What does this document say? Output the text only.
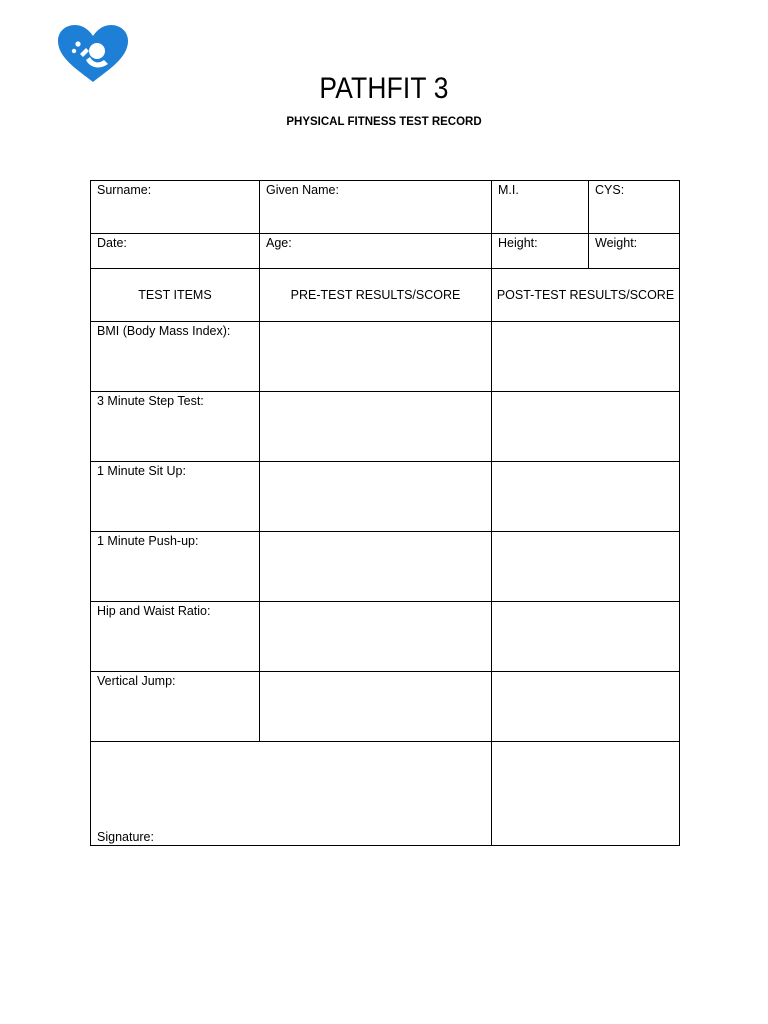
PATHFIT 3
PHYSICAL FITNESS TEST RECORD
Surname:	Given Name:	M.I.	CYS:

Date:	Age:	Height:	Weight:

TEST ITEMS	PRE-TEST RESULTS/SCORE	POST-TEST RESULTS/SCORE	

BMI (Body Mass Index):			

3 Minute Step Test:			

1 Minute Sit Up:			

1 Minute Push-up:			

Hip and Waist Ratio:			

Vertical Jump:			

Signature:			
